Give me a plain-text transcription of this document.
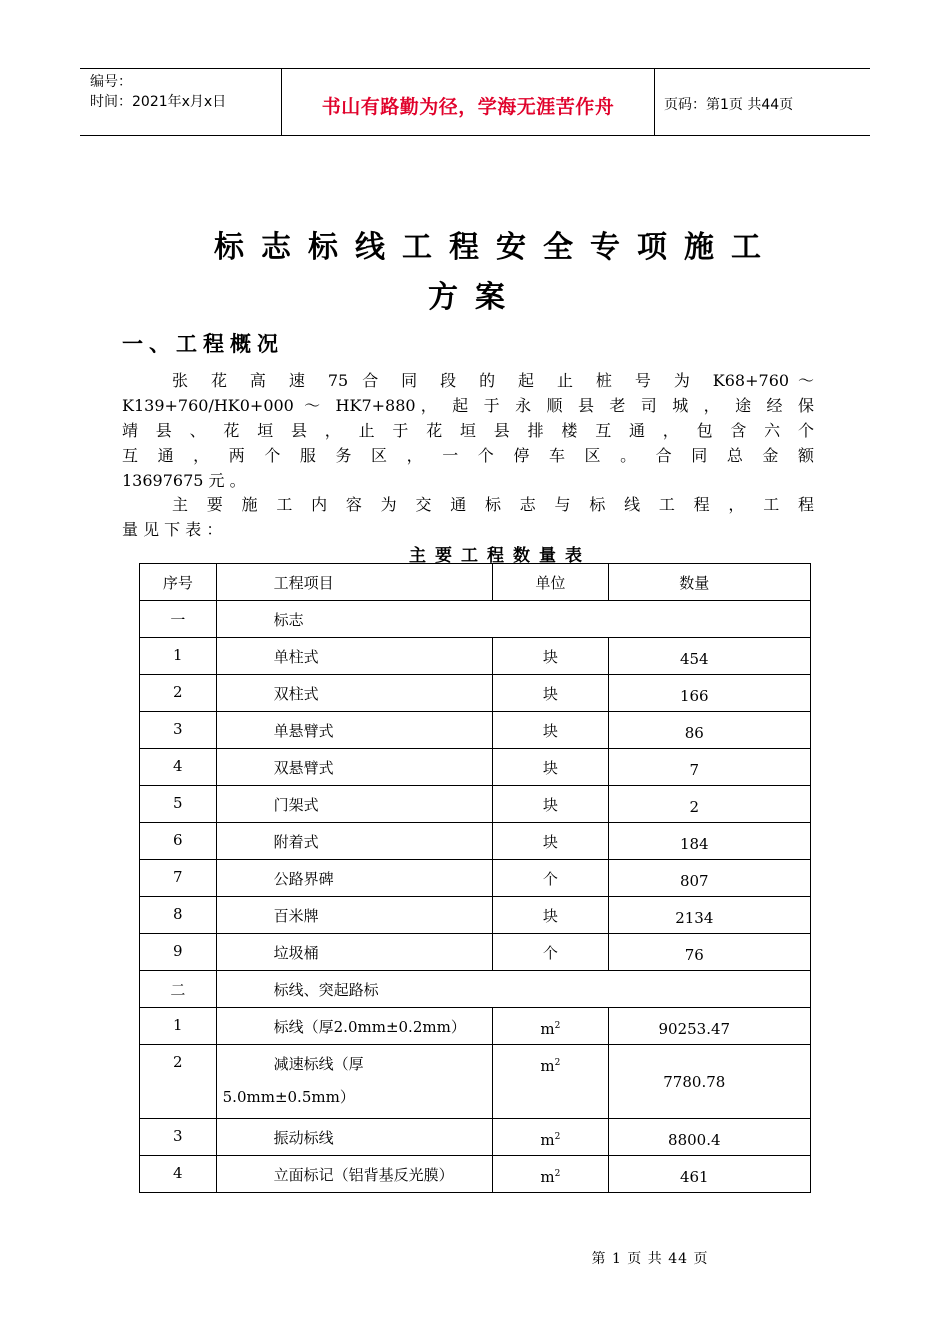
编号：
时间：2021年x月x日	书山有路勤为径，学海无涯苦作舟	页码：第1页 共44页
标志标线工程安全专项施工
方案
一、工程概况
张 花 高 速 75 合 同 段 的 起 止 桩 号 为 K68+760～
K139+760/HK0+000 ～ HK7+880， 起 于 永 顺 县 老 司 城 ， 途 经 保
靖 县 、 花 垣 县 ， 止 于 花 垣 县 排 楼 互 通 ， 包 含 六 个
互 通 ， 两 个 服 务 区 ， 一 个 停 车 区 。 合 同 总 金 额
13697675 元 。
主 要 施 工 内 容 为 交 通 标 志 与 标 线 工 程 ， 工 程
量 见 下 表 ：
主要工程数量表
序号	工程项目	单位	数量

一	标志		
1	单柱式	块	454

2	双柱式	块	166

3	单悬臂式	块	86

4	双悬臂式	块	7

5	门架式	块	2

6	附着式	块	184

7	公路界碑	个	807

8	百米牌	块	2134

9	垃圾桶	个	76

二	标线、突起路标		
1	标线（厚2.0mm±0.2mm）	$m^2$	90253.47

2	减速标线（厚
5.0mm±0.5mm）	$m^2$	7780.78

3	振动标线	$m^2$	8800.4

4	立面标记（铝背基反光膜）	$m^2$	461
第 1 页 共 44 页
